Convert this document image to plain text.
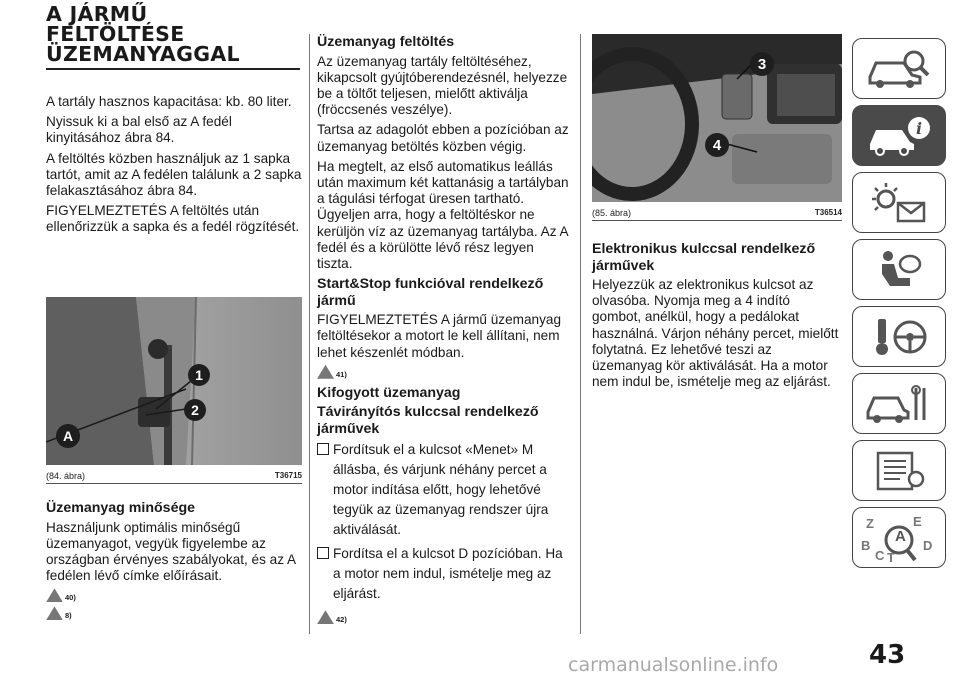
A JÁRMŰ
FELTÖLTÉSE
ÜZEMANYAGGAL

A tartály hasznos kapacitása: kb. 80 liter.

Nyissuk ki a bal első az A fedél kinyitásához ábra 84.

A feltöltés közben használjuk az 1 sapka tartót, amit az A fedélen találunk a 2 sapka felakasztásához ábra 84.

FIGYELMEZTETÉS A feltöltés után ellenőrizzük a sapka és a fedél rögzítését.

1
2
A
(84. ábra)	T36715
Üzemanyag minősége

Használjunk optimális minőségű üzemanyagot, vegyük figyelembe az országban érvényes szabályokat, és az A fedélen lévő címke előírásait.

40)
8)
Üzemanyag feltöltés

Az üzemanyag tartály feltöltéséhez, kikapcsolt gyújtóberendezésnél, helyezze be a töltőt teljesen, mielőtt aktiválja (fröccsenés veszélye).

Tartsa az adagolót ebben a pozícióban az üzemanyag betöltés közben végig.

Ha megtelt, az első automatikus leállás után maximum két kattanásig a tartályban a tágulási térfogat üresen tartható. Ügyeljen arra, hogy a feltöltéskor ne kerüljön víz az üzemanyag tartályba. Az A fedél és a körülötte lévő rész legyen tiszta.

Start&Stop funkcióval rendelkező jármű

FIGYELMEZTETÉS A jármű üzemanyag feltöltésekor a motort le kell állítani, nem lehet készenlét módban.

41)
Kifogyott üzemanyag
Távirányítós kulccsal rendelkező járművek
Fordítsuk el a kulcsot «Menet» M állásba, és várjunk néhány percet a motor indítása előtt, hogy lehetővé tegyük az üzemanyag rendszer újra aktiválását.
Fordítsa el a kulcsot D pozícióban. Ha a motor nem indul, ismételje meg az eljárást.
42)
3
4
(85. ábra)	T36514
Elektronikus kulccsal rendelkező járművek

Helyezzük az elektronikus kulcsot az olvasóba. Nyomja meg a 4 indító gombot, anélkül, hogy a pedálokat használná. Várjon néhány percet, mielőtt folytatná. Ez lehetővé teszi az üzemanyag kör aktiválását. Ha a motor nem indul be, ismételje meg az eljárást.

i
Z	E
B
A
C T
D
43
carmanualsonline.info
